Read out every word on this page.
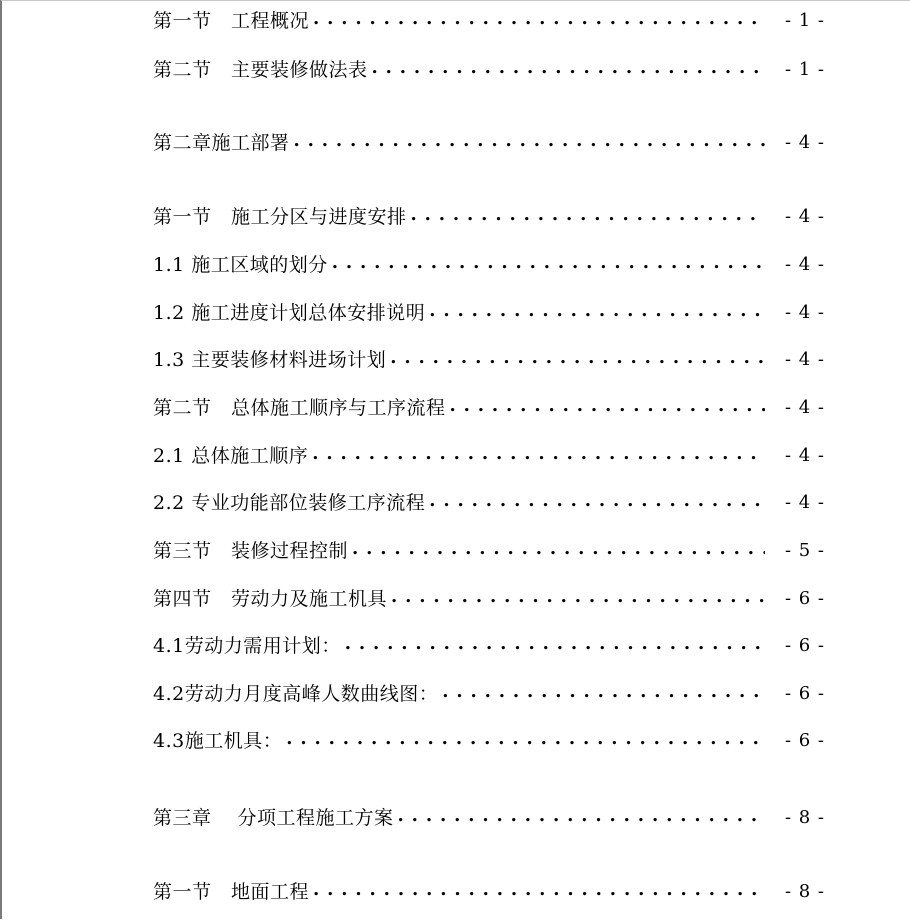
第一节　工程概况 . . .	- 1 -
第二节　主要装修做法表 . . .	- 1 -
第二章施工部署 . . .	- 4 -
第一节　施工分区与进度安排 . . .	- 4 -
1.1 施工区域的划分 . . .	- 4 -
1.2 施工进度计划总体安排说明 . . .	- 4 -
1.3 主要装修材料进场计划 . . .	- 4 -
第二节　总体施工顺序与工序流程 . . .	- 4 -
2.1 总体施工顺序 . . .	- 4 -
2.2 专业功能部位装修工序流程 . . .	- 4 -
第三节　装修过程控制 . . .	- 5 -
第四节　劳动力及施工机具 . . .	- 6 -
4.1劳动力需用计划： . . .	- 6 -
4.2劳动力月度高峰人数曲线图： . . .	- 6 -
4.3施工机具： . . .	- 6 -
第三章　 分项工程施工方案 . . .	- 8 -
第一节　地面工程 . . .	- 8 -
